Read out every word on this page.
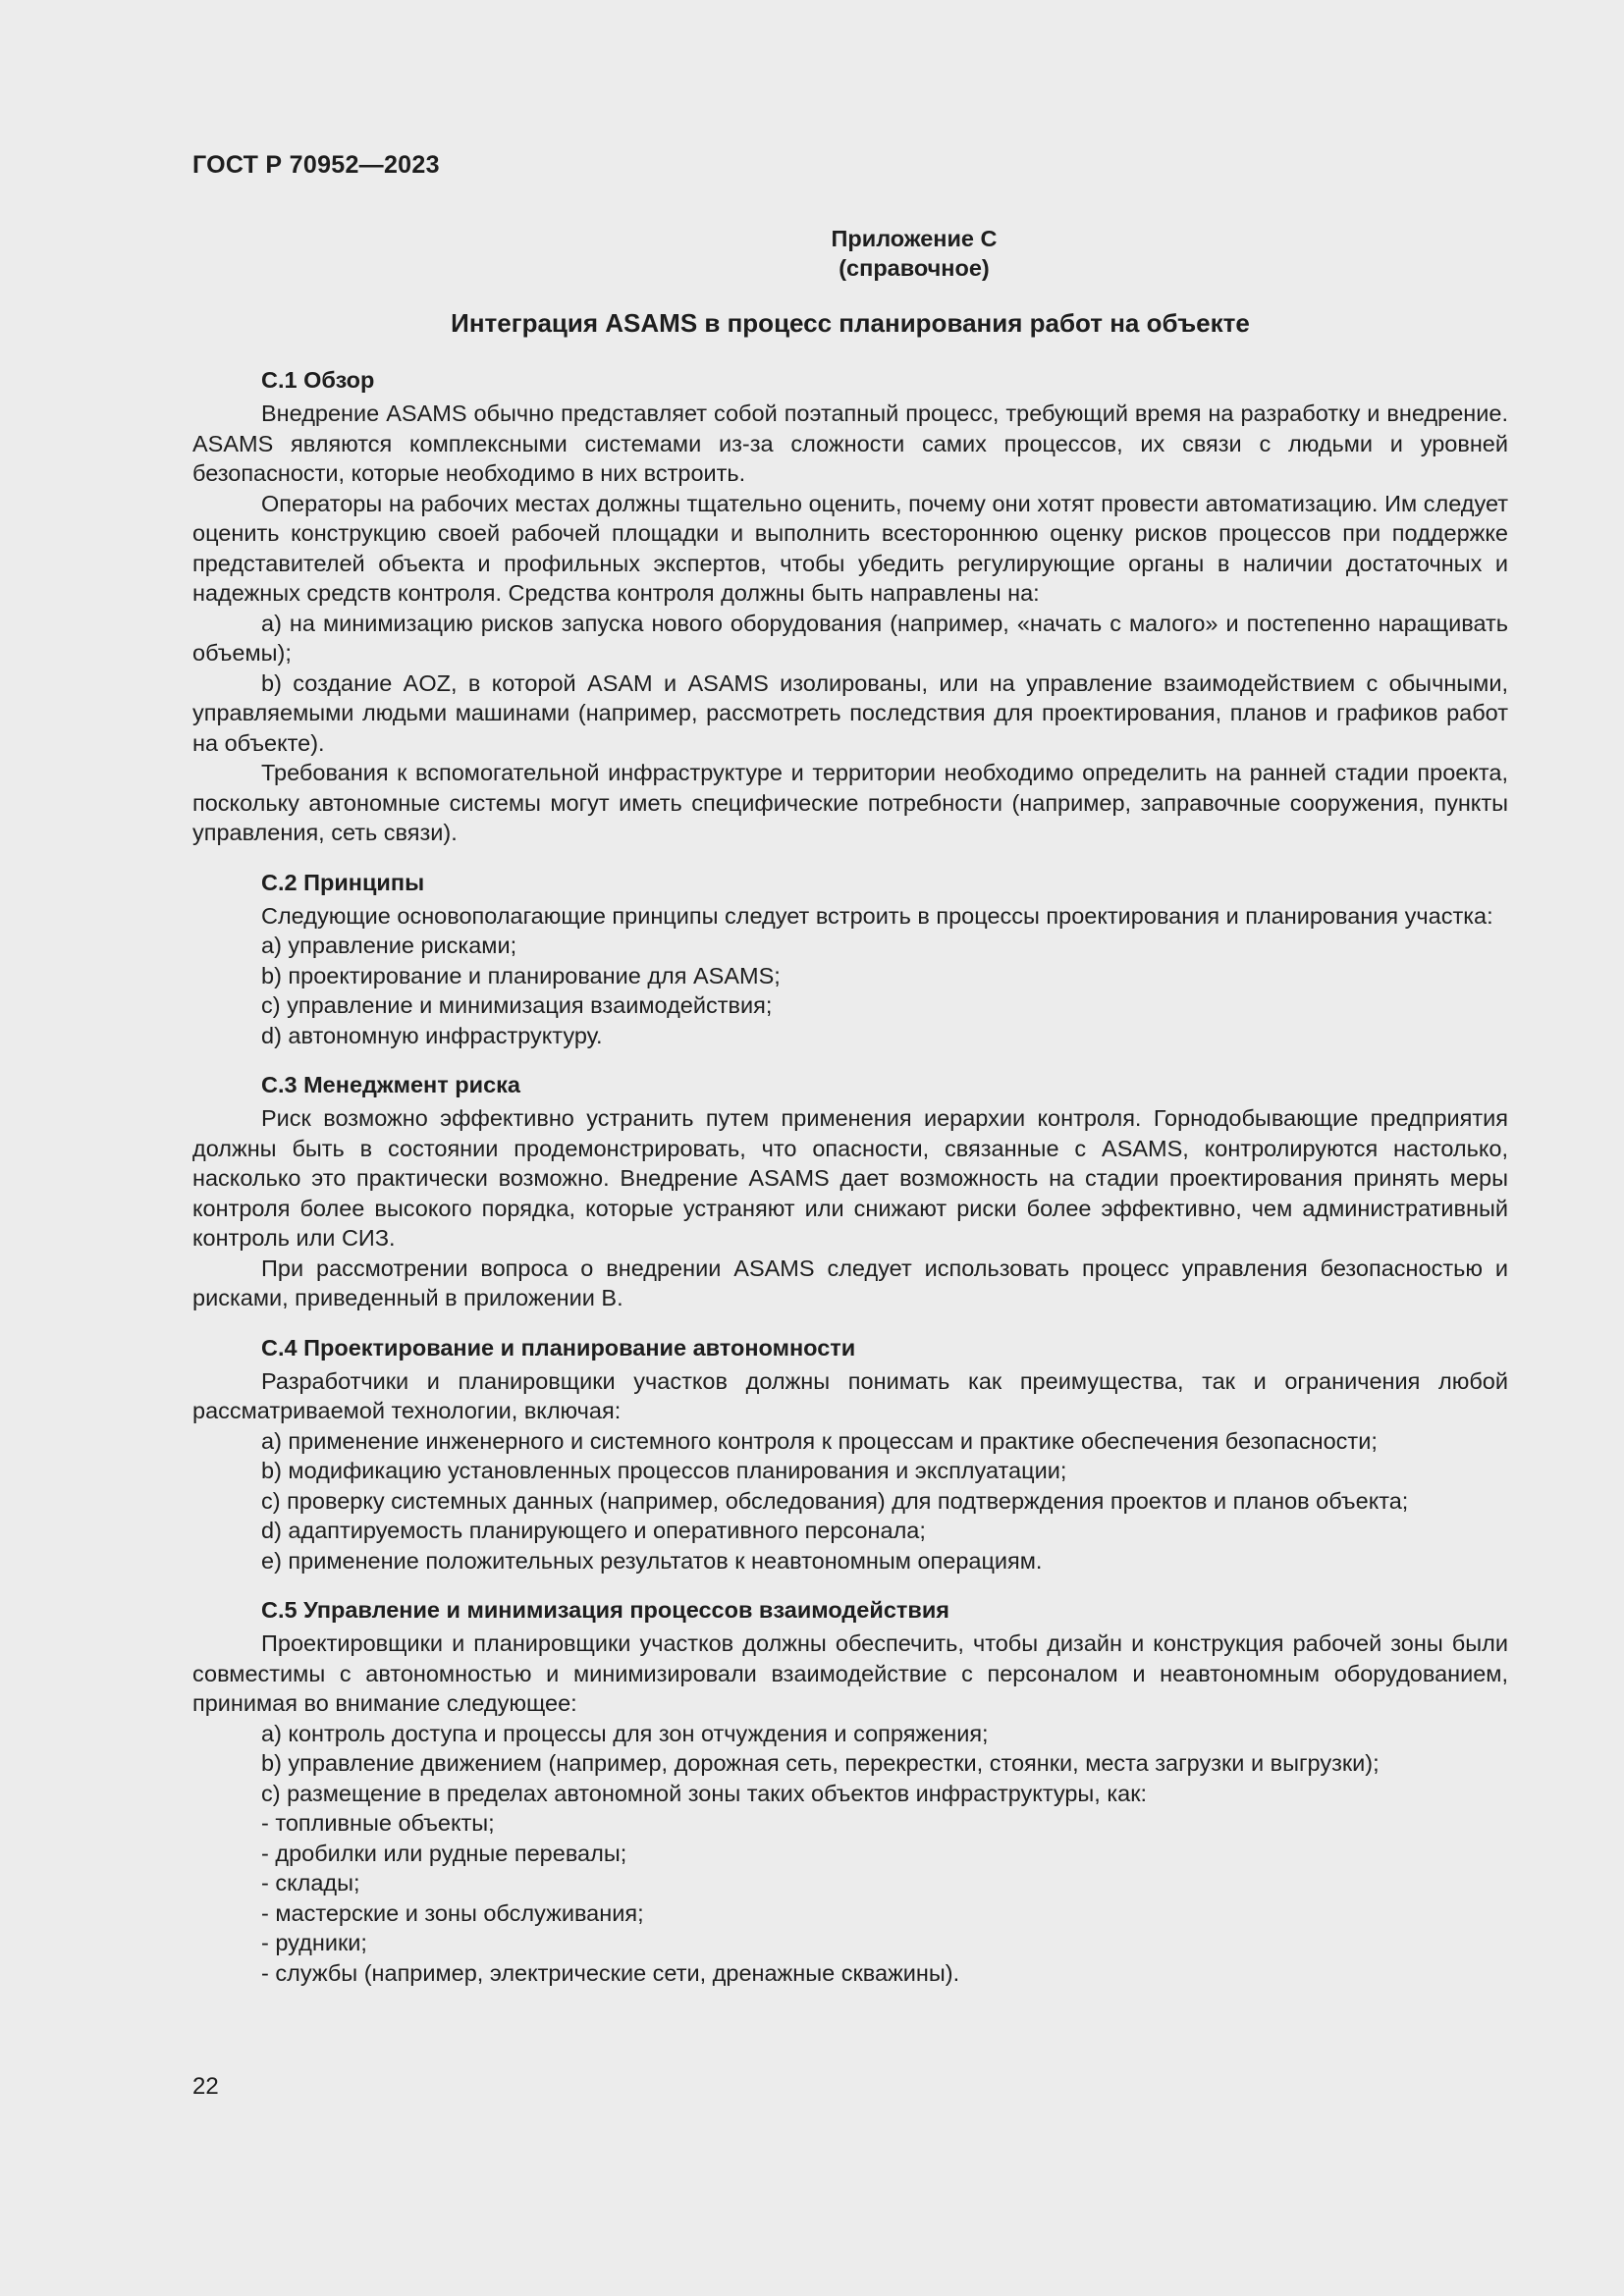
ГОСТ Р 70952—2023
Приложение С
(справочное)
Интеграция ASAMS в процесс планирования работ на объекте
С.1 Обзор

Внедрение ASAMS обычно представляет собой поэтапный процесс, требующий время на разработку и внедрение. ASAMS являются комплексными системами из-за сложности самих процессов, их связи с людьми и уровней безопасности, которые необходимо в них встроить.

Операторы на рабочих местах должны тщательно оценить, почему они хотят провести автоматизацию. Им следует оценить конструкцию своей рабочей площадки и выполнить всестороннюю оценку рисков процессов при поддержке представителей объекта и профильных экспертов, чтобы убедить регулирующие органы в наличии достаточных и надежных средств контроля. Средства контроля должны быть направлены на:

a) на минимизацию рисков запуска нового оборудования (например, «начать с малого» и постепенно наращивать объемы);

b) создание AOZ, в которой ASAM и ASAMS изолированы, или на управление взаимодействием с обычными, управляемыми людьми машинами (например, рассмотреть последствия для проектирования, планов и графиков работ на объекте).

Требования к вспомогательной инфраструктуре и территории необходимо определить на ранней стадии проекта, поскольку автономные системы могут иметь специфические потребности (например, заправочные сооружения, пункты управления, сеть связи).

С.2 Принципы

Следующие основополагающие принципы следует встроить в процессы проектирования и планирования участка:

a) управление рисками;
b) проектирование и планирование для ASAMS;
c) управление и минимизация взаимодействия;
d) автономную инфраструктуру.
С.3 Менеджмент риска

Риск возможно эффективно устранить путем применения иерархии контроля. Горнодобывающие предприятия должны быть в состоянии продемонстрировать, что опасности, связанные с ASAMS, контролируются настолько, насколько это практически возможно. Внедрение ASAMS дает возможность на стадии проектирования принять меры контроля более высокого порядка, которые устраняют или снижают риски более эффективно, чем административный контроль или СИЗ.

При рассмотрении вопроса о внедрении ASAMS следует использовать процесс управления безопасностью и рисками, приведенный в приложении В.

С.4 Проектирование и планирование автономности

Разработчики и планировщики участков должны понимать как преимущества, так и ограничения любой рассматриваемой технологии, включая:

a) применение инженерного и системного контроля к процессам и практике обеспечения безопасности;
b) модификацию установленных процессов планирования и эксплуатации;
c) проверку системных данных (например, обследования) для подтверждения проектов и планов объекта;
d) адаптируемость планирующего и оперативного персонала;
e) применение положительных результатов к неавтономным операциям.
С.5 Управление и минимизация процессов взаимодействия

Проектировщики и планировщики участков должны обеспечить, чтобы дизайн и конструкция рабочей зоны были совместимы с автономностью и минимизировали взаимодействие с персоналом и неавтономным оборудованием, принимая во внимание следующее:

a) контроль доступа и процессы для зон отчуждения и сопряжения;
b) управление движением (например, дорожная сеть, перекрестки, стоянки, места загрузки и выгрузки);
c) размещение в пределах автономной зоны таких объектов инфраструктуры, как:
- топливные объекты;
- дробилки или рудные перевалы;
- склады;
- мастерские и зоны обслуживания;
- рудники;
- службы (например, электрические сети, дренажные скважины).
22
